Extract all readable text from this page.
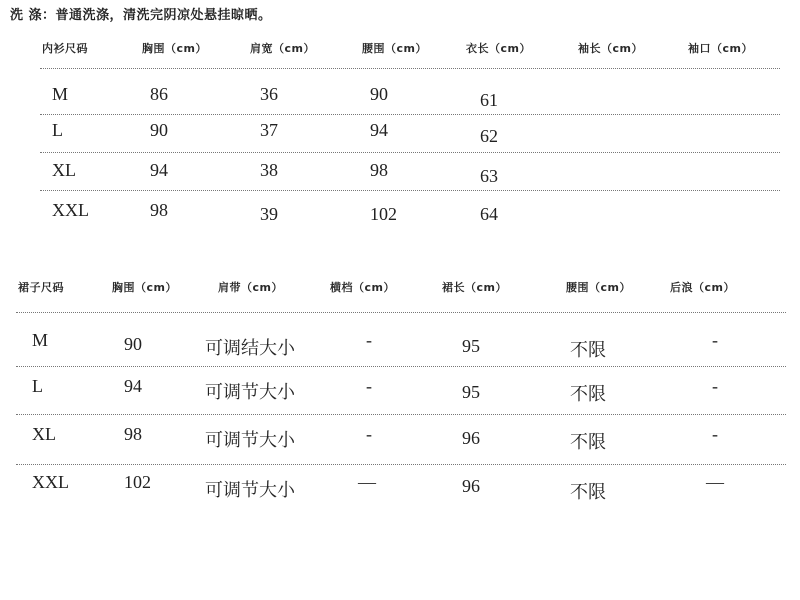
洗 涤：普通洗涤，清洗完阴凉处悬挂晾晒。
内衫尺码	胸围（cm）	肩宽（cm）	腰围（cm）	衣长（cm）	袖长（cm）	袖口（cm）
M	86	36	90	61
L	90	37	94	62
XL	94	38	98	63
XXL	98	39	102	64
裙子尺码	胸围（cm）	肩带（cm）	横档（cm）	裙长（cm）	腰围（cm）	后浪（cm）
M	90	可调结大小	-	95	不限	-
L	94	可调节大小	-	95	不限	-
XL	98	可调节大小	-	96	不限	-
XXL	102	可调节大小	—	96	不限	—
